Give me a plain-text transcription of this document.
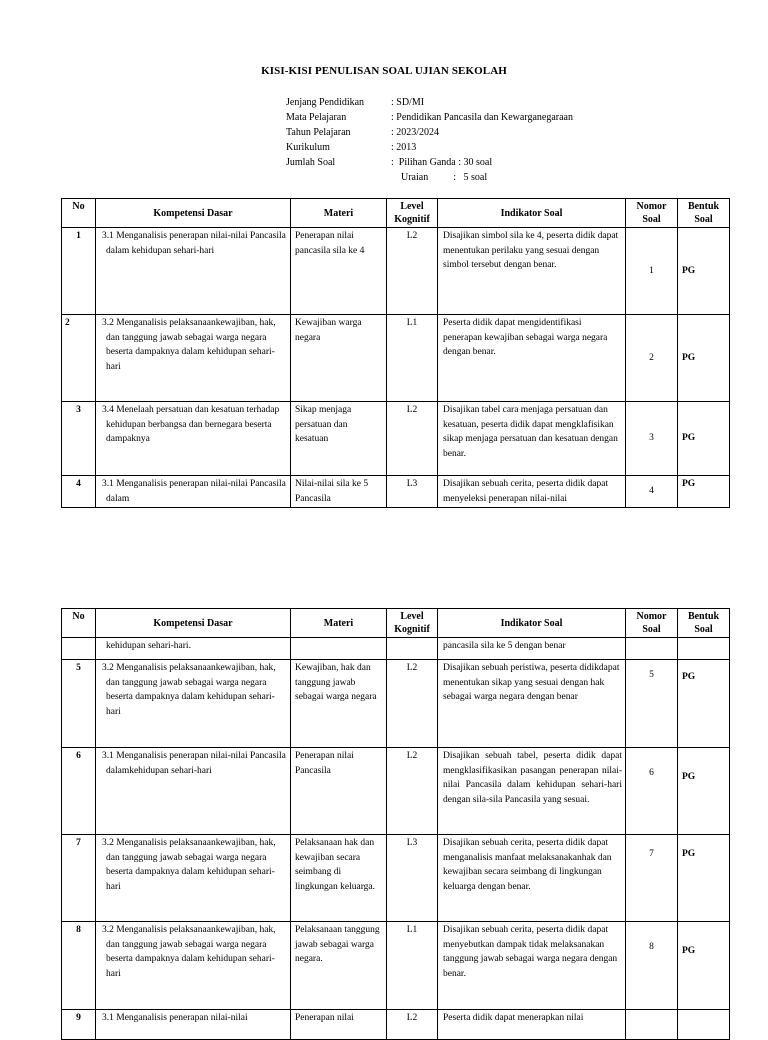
KISI-KISI PENULISAN SOAL UJIAN SEKOLAH
Jenjang Pendidikan	: SD/MI
Mata Pelajaran	: Pendidikan Pancasila dan Kewarganegaraan
Tahun Pelajaran	: 2023/2024
Kurikulum	: 2013
Jumlah Soal	:  Pilihan Ganda : 30 soal
Uraian          :   5 soal
No	Kompetensi Dasar	Materi	Level Kognitif	Indikator Soal	Nomor Soal	Bentuk Soal
1	3.1 Menganalisis penerapan nilai-nilai Pancasila dalam kehidupan sehari-hari	Penerapan nilai pancasila sila ke 4	L2	Disajikan simbol sila ke 4, peserta didik dapat menentukan perilaku yang sesuai dengan simbol tersebut dengan benar.	1	PG
2	3.2 Menganalisis pelaksanaankewajiban, hak, dan tanggung jawab sebagai warga negara beserta dampaknya dalam kehidupan sehari-hari	Kewajiban warga negara	L1	Peserta didik dapat mengidentifikasi penerapan kewajiban sebagai warga negara dengan benar.	2	PG
3	3.4 Menelaah persatuan dan kesatuan terhadap kehidupan berbangsa dan bernegara beserta dampaknya	Sikap menjaga persatuan dan kesatuan	L2	Disajikan tabel cara menjaga persatuan dan kesatuan, peserta didik dapat mengklafisikan sikap menjaga persatuan dan kesatuan dengan benar.	3	PG
4	3.1 Menganalisis penerapan nilai-nilai Pancasila dalam	Nilai-nilai sila ke 5 Pancasila	L3	Disajikan sebuah cerita, peserta didik dapat menyeleksi penerapan nilai-nilai	4	PG
No	Kompetensi Dasar	Materi	Level Kognitif	Indikator Soal	Nomor Soal	Bentuk Soal
	kehidupan sehari-hari.			pancasila sila ke 5 dengan benar		
5	3.2 Menganalisis pelaksanaankewajiban, hak, dan tanggung jawab sebagai warga negara beserta dampaknya dalam kehidupan sehari-hari	Kewajiban, hak dan tanggung jawab sebagai warga negara	L2	Disajikan sebuah peristiwa, peserta didikdapat menentukan sikap yang sesuai dengan hak sebagai warga negara dengan benar	5	PG
6	3.1 Menganalisis penerapan nilai-nilai Pancasila dalamkehidupan sehari-hari	Penerapan nilai Pancasila	L2	Disajikan sebuah tabel, peserta didik dapat mengklasifikasikan pasangan penerapan nilai-nilai Pancasila dalam kehidupan sehari-hari dengan sila-sila Pancasila yang sesuai.	6	PG
7	3.2 Menganalisis pelaksanaankewajiban, hak, dan tanggung jawab sebagai warga negara beserta dampaknya dalam kehidupan sehari-hari	Pelaksanaan hak dan kewajiban secara seimbang di lingkungan keluarga.	L3	Disajikan sebuah cerita, peserta didik dapat menganalisis manfaat melaksanakanhak dan kewajiban secara seimbang di lingkungan keluarga dengan benar.	7	PG
8	3.2 Menganalisis pelaksanaankewajiban, hak, dan tanggung jawab sebagai warga negara beserta dampaknya dalam kehidupan sehari-hari	Pelaksanaan tanggung jawab sebagai warga negara.	L1	Disajikan sebuah cerita, peserta didik dapat menyebutkan dampak tidak melaksanakan tanggung jawab sebagai warga negara dengan benar.	8	PG
9	3.1 Menganalisis penerapan nilai-nilai	Penerapan nilai	L2	Peserta didik dapat menerapkan nilai		
